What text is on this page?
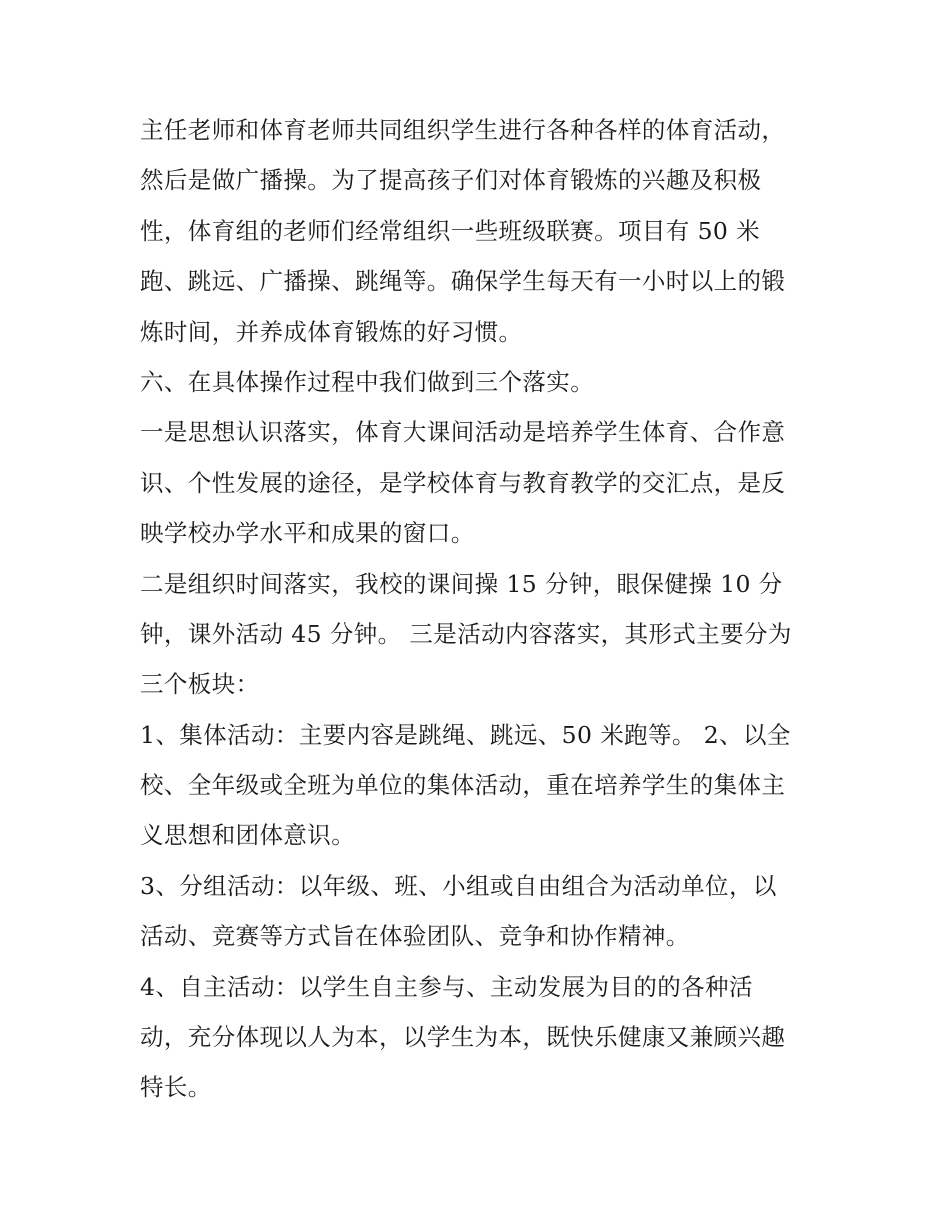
主任老师和体育老师共同组织学生进行各种各样的体育活动，
然后是做广播操。为了提高孩子们对体育锻炼的兴趣及积极
性，体育组的老师们经常组织一些班级联赛。项目有 50 米
跑、跳远、广播操、跳绳等。确保学生每天有一小时以上的锻
炼时间，并养成体育锻炼的好习惯。
六、在具体操作过程中我们做到三个落实。
一是思想认识落实，体育大课间活动是培养学生体育、合作意
识、个性发展的途径，是学校体育与教育教学的交汇点，是反
映学校办学水平和成果的窗口。
二是组织时间落实，我校的课间操 15 分钟，眼保健操 10 分
钟，课外活动 45 分钟。 三是活动内容落实，其形式主要分为
三个板块：
1、集体活动：主要内容是跳绳、跳远、50 米跑等。 2、以全
校、全年级或全班为单位的集体活动，重在培养学生的集体主
义思想和团体意识。
3、分组活动：以年级、班、小组或自由组合为活动单位，以
活动、竞赛等方式旨在体验团队、竞争和协作精神。
4、自主活动：以学生自主参与、主动发展为目的的各种活
动，充分体现以人为本，以学生为本，既快乐健康又兼顾兴趣
特长。
